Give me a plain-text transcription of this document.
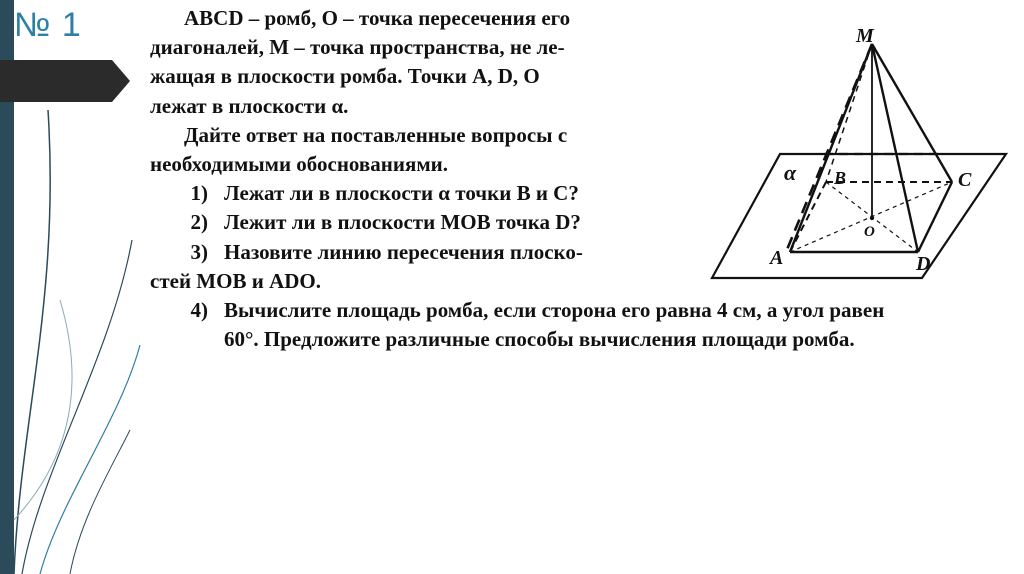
№ 1	ABCD – ромб, O – точка пересечения его
диагоналей, M – точка пространства, не ле-
жащая в плоскости ромба. Точки A, D, O
лежат в плоскости α.
Дайте ответ на поставленные вопросы с
необходимыми обоснованиями.
1) Лежат ли в плоскости α точки B и C?
2) Лежит ли в плоскости MOB точка D?
3) Назовите линию пересечения плоско-
стей MOB и ADO.
4) Вычислите площадь ромба, если сторона его равна 4 см, а угол равен
60°. Предложите различные способы вычисления площади ромба.
M
α B	C
O
A	D
